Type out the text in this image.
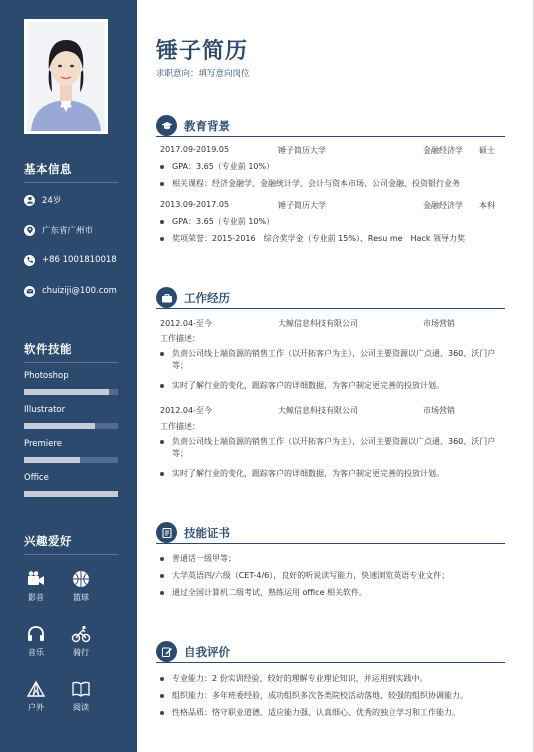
基本信息
24岁
广东省广州市
+86 1001810018
chuiziji@100.com
软件技能
Photoshop
Illustrator
Premiere
Office
兴趣爱好
影音	篮球
音乐	骑行
户外	阅读
锤子简历
求职意向：填写意向岗位
教育背景
2017.09-2019.05	锤子简历大学	金融经济学 硕士
GPA：3.65（专业前 10%）
相关课程：经济金融学、金融统计学、会计与资本市场、公司金融、投资银行业务
2013.09-2017.05	锤子简历大学	金融经济学 本科
GPA：3.65（专业前 10%）
奖项荣誉：2015-2016　综合奖学金（专业前 15%）、Resu me　Hack 领导力奖
工作经历
2012.04-至今	大鲸信息科技有限公司	市场营销
工作描述：
负责公司线上端资源的销售工作（以开拓客户为主），公司主要资源以广点通、360、沃门户等；
实时了解行业的变化，跟踪客户的详细数据，为客户制定更完善的投放计划。
2012.04-至今	大鲸信息科技有限公司	市场营销
工作描述：
负责公司线上端资源的销售工作（以开拓客户为主），公司主要资源以广点通、360、沃门户等；
实时了解行业的变化，跟踪客户的详细数据，为客户制定更完善的投放计划。
技能证书
普通话一级甲等；
大学英语四/六级（CET-4/6），良好的听说读写能力，快速浏览英语专业文件；
通过全国计算机二级考试，熟练运用 office 相关软件。
自我评价
专业能力：2 份实训经验，较好的理解专业理论知识，并运用到实践中。
组织能力：多年班委经验，成功组织多次各类院校活动落地，较强的组织协调能力。
性格品质：恪守职业道德、适应能力强、认真细心、优秀的独立学习和工作能力。
